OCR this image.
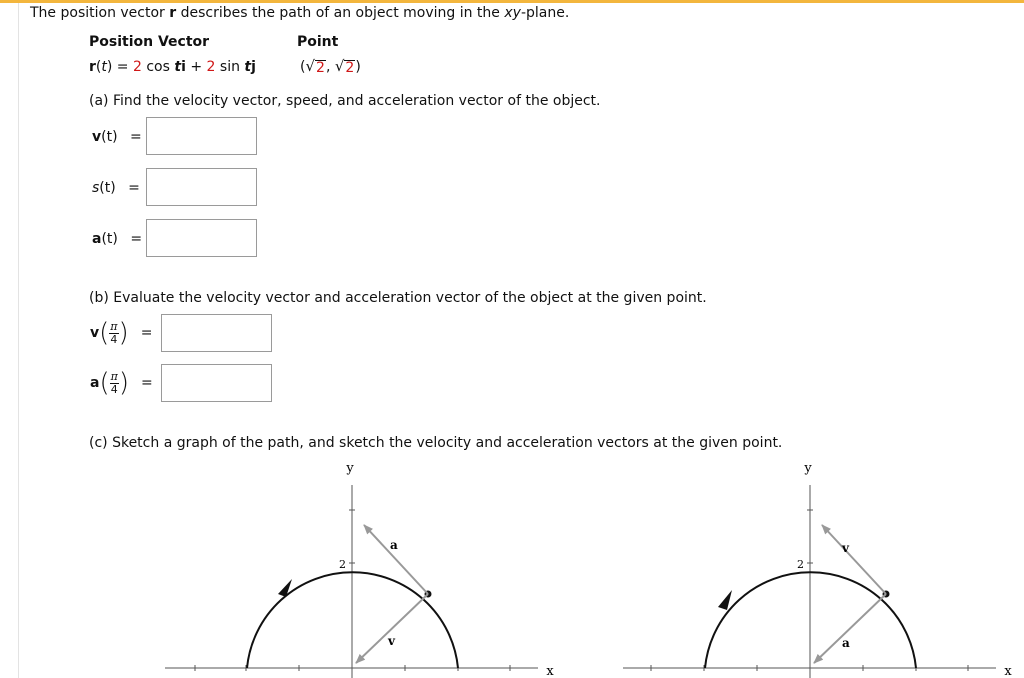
The position vector r describes the path of an object moving in the xy-plane.
Position Vector	Point
r(t) = 2 cos ti + 2 sin tj	( √ 2 , √ 2 )
(a) Find the velocity vector, speed, and acceleration vector of the object.
v(t) =
s(t) =
a(t) =
(b) Evaluate the velocity vector and acceleration vector of the object at the given point.
v ( $\frac{\pi}{4}$ ) =
a ( $\frac{\pi}{4}$ ) =
(c) Sketch a graph of the path, and sketch the velocity and acceleration vectors at the given point.
y
x
2
a
v
y
x
2
v
a
